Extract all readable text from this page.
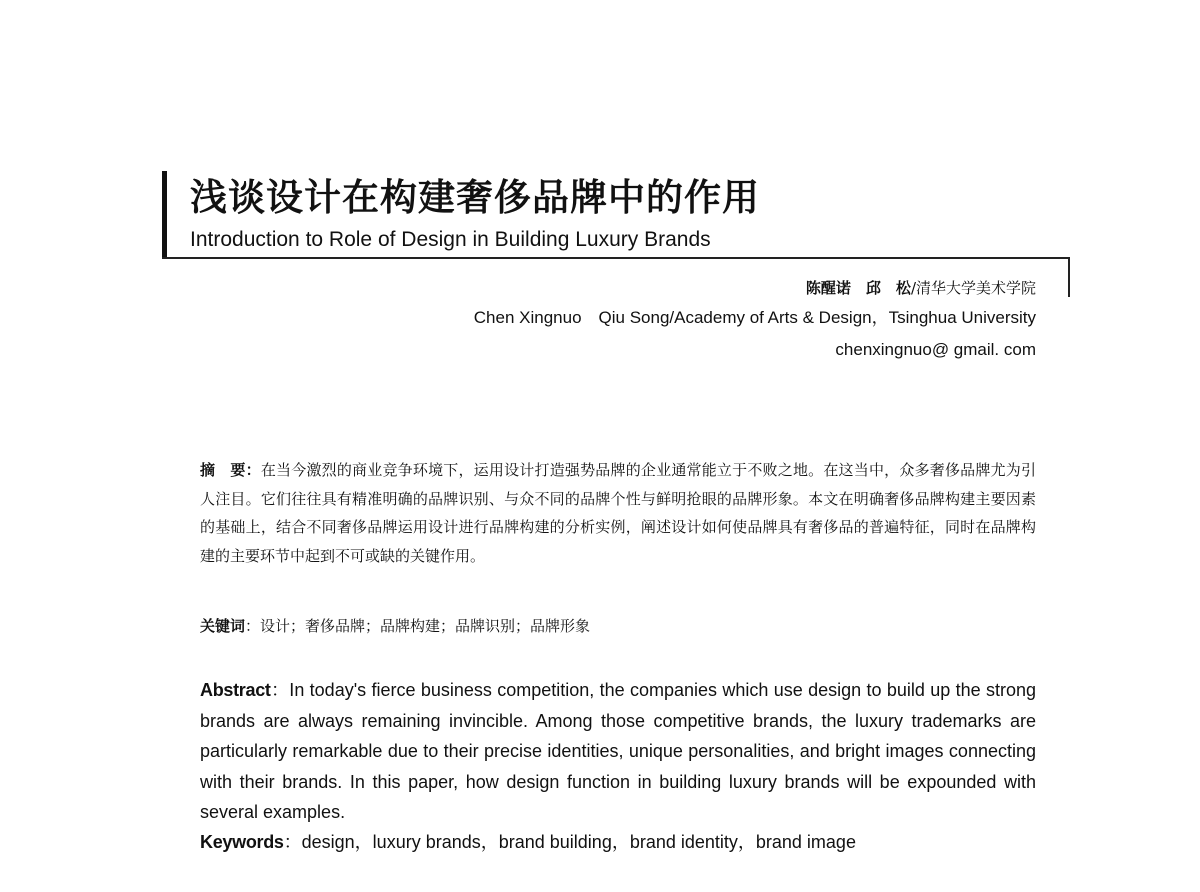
浅谈设计在构建奢侈品牌中的作用
Introduction to Role of Design in Building Luxury Brands
陈醒诺　邱　松/清华大学美术学院
Chen Xingnuo　Qiu Song/Academy of Arts & Design，Tsinghua University
chenxingnuo@ gmail. com
摘　要：在当今激烈的商业竞争环境下，运用设计打造强势品牌的企业通常能立于不败之地。在这当中，众多奢侈品牌尤为引人注目。它们往往具有精准明确的品牌识别、与众不同的品牌个性与鲜明抢眼的品牌形象。本文在明确奢侈品牌构建主要因素的基础上，结合不同奢侈品牌运用设计进行品牌构建的分析实例，阐述设计如何使品牌具有奢侈品的普遍特征，同时在品牌构建的主要环节中起到不可或缺的关键作用。
关键词：设计；奢侈品牌；品牌构建；品牌识别；品牌形象
Abstract：In today's fierce business competition, the companies which use design to build up the strong brands are always remaining invincible. Among those competitive brands, the luxury trademarks are particularly remarkable due to their precise identities, unique personalities, and bright images connecting with their brands. In this paper, how design function in building luxury brands will be expounded with several examples.
Keywords：design，luxury brands，brand building，brand identity，brand image
